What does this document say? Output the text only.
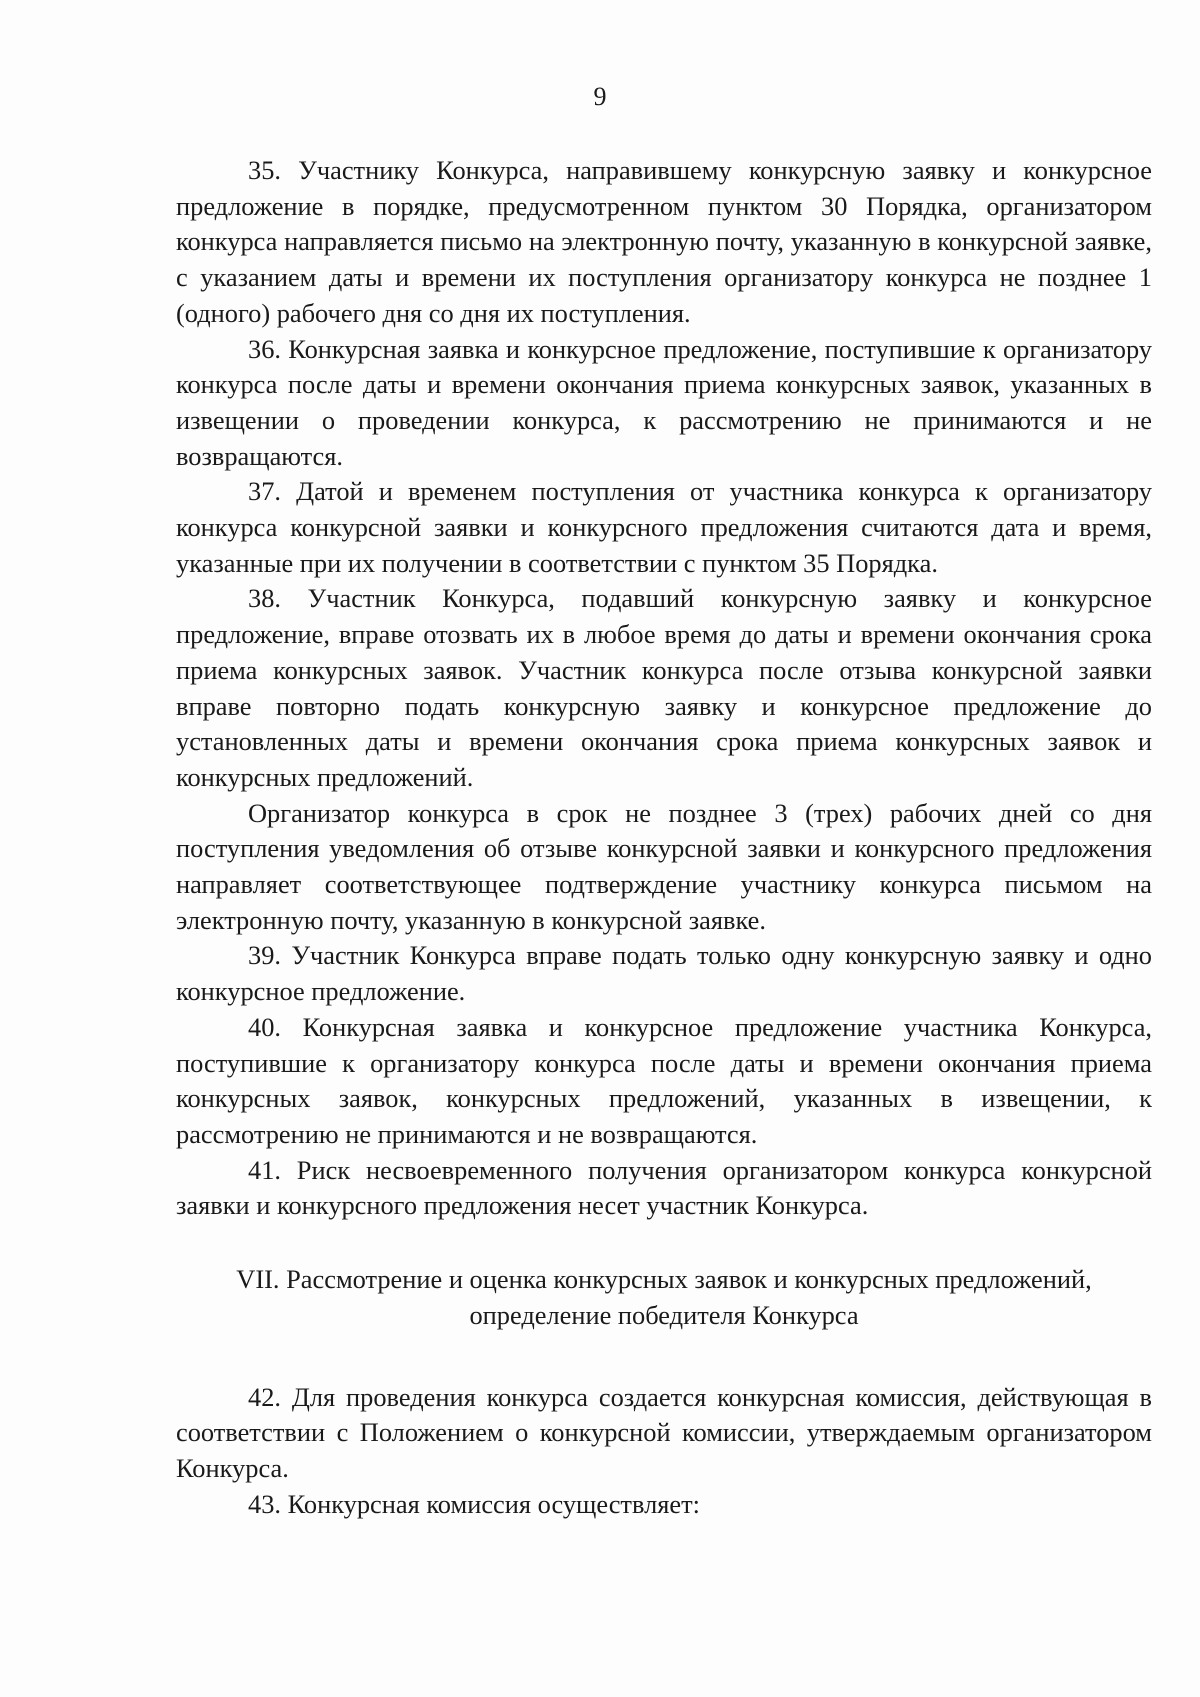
9

35. Участнику Конкурса, направившему конкурсную заявку и конкурсное предложение в порядке, предусмотренном пунктом 30 Порядка, организатором конкурса направляется письмо на электронную почту, указанную в конкурсной заявке, с указанием даты и времени их поступления организатору конкурса не позднее 1 (одного) рабочего дня со дня их поступления.

36. Конкурсная заявка и конкурсное предложение, поступившие к организатору конкурса после даты и времени окончания приема конкурсных заявок, указанных в извещении о проведении конкурса, к рассмотрению не принимаются и не возвращаются.

37. Датой и временем поступления от участника конкурса к организатору конкурса конкурсной заявки и конкурсного предложения считаются дата и время, указанные при их получении в соответствии с пунктом 35 Порядка.

38. Участник Конкурса, подавший конкурсную заявку и конкурсное предложение, вправе отозвать их в любое время до даты и времени окончания срока приема конкурсных заявок. Участник конкурса после отзыва конкурсной заявки вправе повторно подать конкурсную заявку и конкурсное предложение до установленных даты и времени окончания срока приема конкурсных заявок и конкурсных предложений.

Организатор конкурса в срок не позднее 3 (трех) рабочих дней со дня поступления уведомления об отзыве конкурсной заявки и конкурсного предложения направляет соответствующее подтверждение участнику конкурса письмом на электронную почту, указанную в конкурсной заявке.

39. Участник Конкурса вправе подать только одну конкурсную заявку и одно конкурсное предложение.

40. Конкурсная заявка и конкурсное предложение участника Конкурса, поступившие к организатору конкурса после даты и времени окончания приема конкурсных заявок, конкурсных предложений, указанных в извещении, к рассмотрению не принимаются и не возвращаются.

41. Риск несвоевременного получения организатором конкурса конкурсной заявки и конкурсного предложения несет участник Конкурса.

VII. Рассмотрение и оценка конкурсных заявок и конкурсных предложений,
определение победителя Конкурса

42. Для проведения конкурса создается конкурсная комиссия, действующая в соответствии с Положением о конкурсной комиссии, утверждаемым организатором Конкурса.

43. Конкурсная комиссия осуществляет:
